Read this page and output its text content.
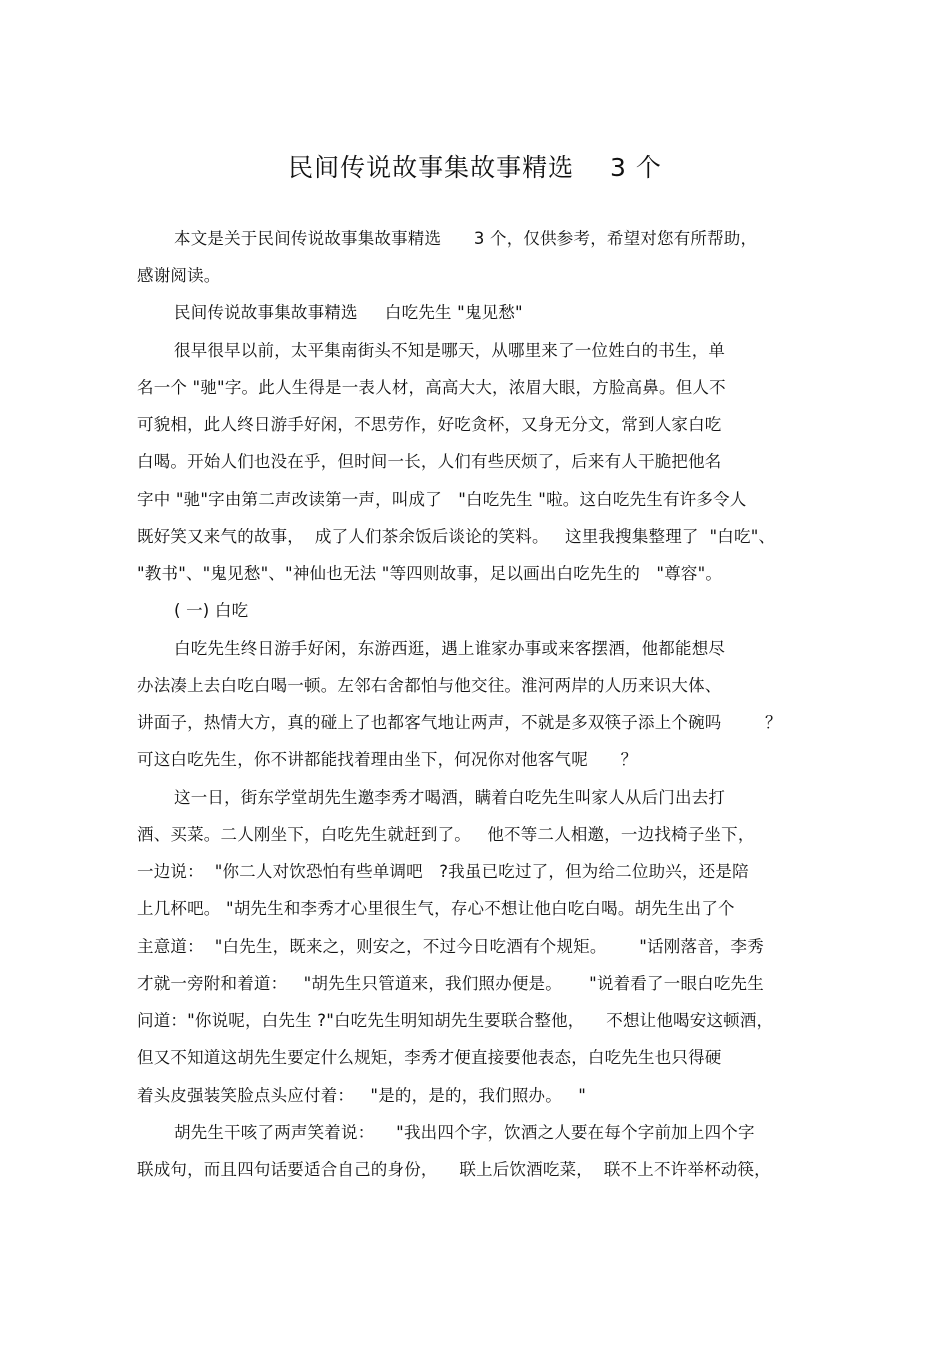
民间传说故事集故事精选    3 个
本文是关于民间传说故事集故事精选      3 个，仅供参考，希望对您有所帮助，
感谢阅读。
民间传说故事集故事精选     白吃先生 "鬼见愁"
很早很早以前，太平集南街头不知是哪天，从哪里来了一位姓白的书生，单
名一个 "驰"字。此人生得是一表人材，高高大大，浓眉大眼，方脸高鼻。但人不
可貌相，此人终日游手好闲，不思劳作，好吃贪杯，又身无分文，常到人家白吃
白喝。开始人们也没在乎，但时间一长，人们有些厌烦了，后来有人干脆把他名
字中 "驰"字由第二声改读第一声，叫成了   "白吃先生 "啦。这白吃先生有许多令人
既好笑又来气的故事，  成了人们茶余饭后谈论的笑料。   这里我搜集整理了  "白吃"、
"教书"、"鬼见愁"、"神仙也无法 "等四则故事，足以画出白吃先生的   "尊容"。
( 一) 白吃
白吃先生终日游手好闲，东游西逛，遇上谁家办事或来客摆酒，他都能想尽
办法凑上去白吃白喝一顿。左邻右舍都怕与他交往。淮河两岸的人历来识大体、
讲面子，热情大方，真的碰上了也都客气地让两声，不就是多双筷子添上个碗吗        ？
可这白吃先生，你不讲都能找着理由坐下，何况你对他客气呢      ？
这一日，街东学堂胡先生邀李秀才喝酒，瞒着白吃先生叫家人从后门出去打
酒、买菜。二人刚坐下，白吃先生就赶到了。   他不等二人相邀，一边找椅子坐下，
一边说：  "你二人对饮恐怕有些单调吧   ?我虽已吃过了，但为给二位助兴，还是陪
上几杯吧。 "胡先生和李秀才心里很生气，存心不想让他白吃白喝。胡先生出了个
主意道：  "白先生，既来之，则安之，不过今日吃酒有个规矩。      "话刚落音，李秀
才就一旁附和着道：   "胡先生只管道来，我们照办便是。     "说着看了一眼白吃先生
问道："你说呢，白先生 ?"白吃先生明知胡先生要联合整他，    不想让他喝安这顿酒，
但又不知道这胡先生要定什么规矩，李秀才便直接要他表态，白吃先生也只得硬
着头皮强装笑脸点头应付着：   "是的，是的，我们照办。   "
胡先生干咳了两声笑着说：    "我出四个字，饮酒之人要在每个字前加上四个字
联成句，而且四句话要适合自己的身份，    联上后饮酒吃菜，  联不上不许举杯动筷，
